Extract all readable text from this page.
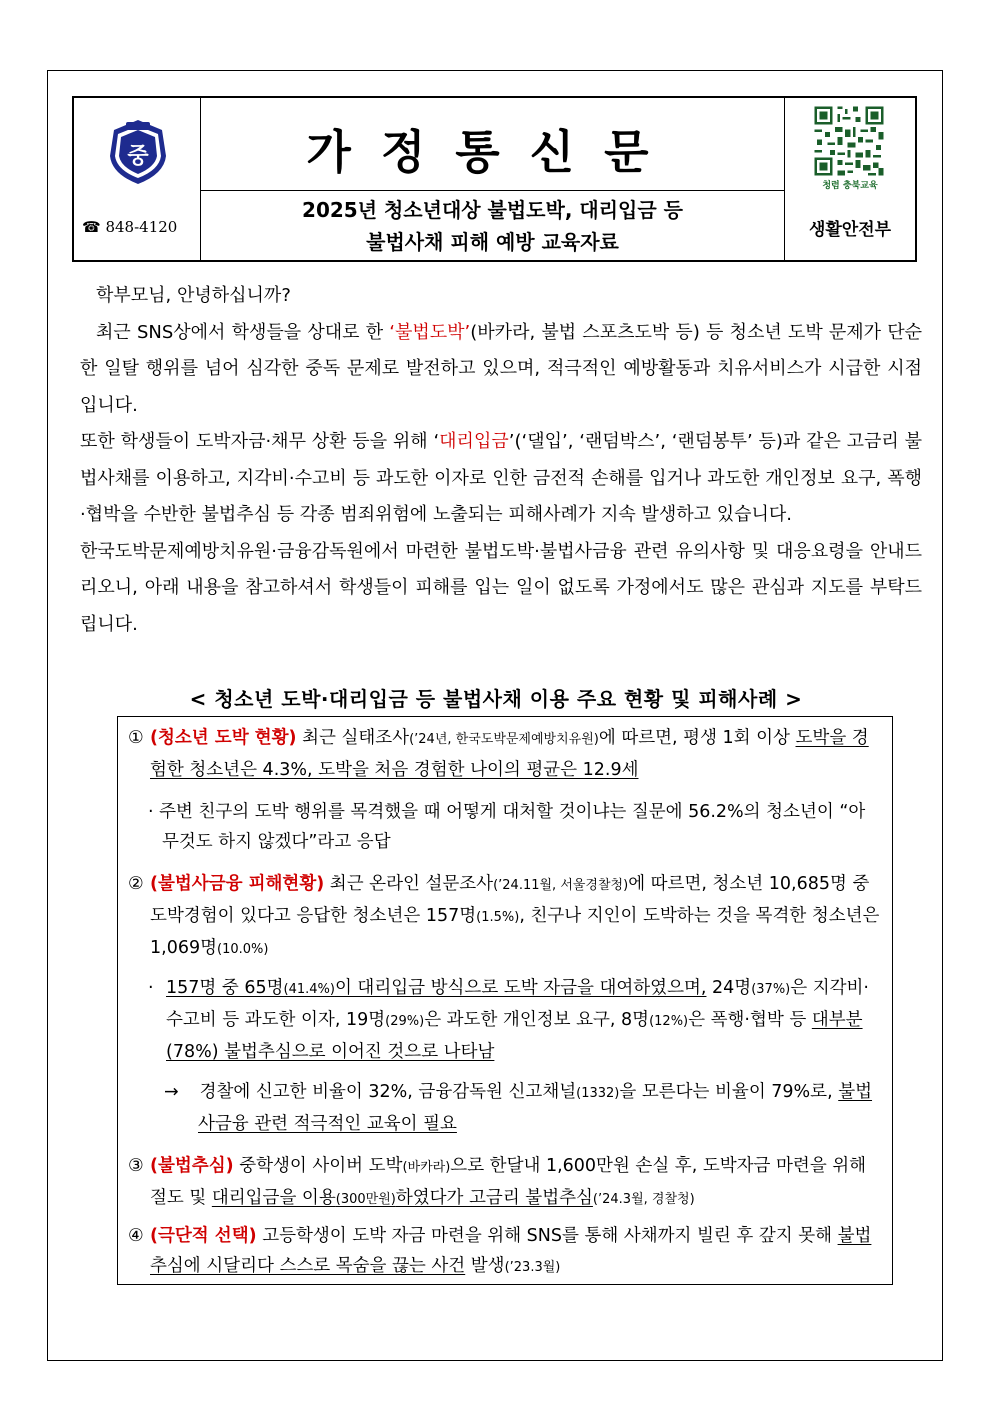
중
☎ 848-4120
가정통신문
2025년 청소년대상 불법도박, 대리입금 등
불법사채 피해 예방 교육자료
청렴 충북교육
생활안전부

학부모님, 안녕하십니까?

최근 SNS상에서 학생들을 상대로 한 ‘불법도박’(바카라, 불법 스포츠도박 등) 등 청소년 도박 문제가 단순한 일탈 행위를 넘어 심각한 중독 문제로 발전하고 있으며, 적극적인 예방활동과 치유서비스가 시급한 시점입니다.

또한 학생들이 도박자금·채무 상환 등을 위해 ‘대리입금’(‘댈입’, ‘랜덤박스’, ‘랜덤봉투’ 등)과 같은 고금리 불법사채를 이용하고, 지각비·수고비 등 과도한 이자로 인한 금전적 손해를 입거나 과도한 개인정보 요구, 폭행·협박을 수반한 불법추심 등 각종 범죄위험에 노출되는 피해사례가 지속 발생하고 있습니다.

한국도박문제예방치유원·금융감독원에서 마련한 불법도박·불법사금융 관련 유의사항 및 대응요령을 안내드리오니, 아래 내용을 참고하셔서 학생들이 피해를 입는 일이 없도록 가정에서도 많은 관심과 지도를 부탁드립니다.

< 청소년 도박·대리입금 등 불법사채 이용 주요 현황 및 피해사례 >
① (청소년 도박 현황) 최근 실태조사(’24년, 한국도박문제예방치유원)에 따르면, 평생 1회 이상 도박을 경험한 청소년은 4.3%, 도박을 처음 경험한 나이의 평균은 12.9세
· 주변 친구의 도박 행위를 목격했을 때 어떻게 대처할 것이냐는 질문에 56.2%의 청소년이 “아무것도 하지 않겠다”라고 응답
② (불법사금융 피해현황) 최근 온라인 설문조사(’24.11월, 서울경찰청)에 따르면, 청소년 10,685명 중 도박경험이 있다고 응답한 청소년은 157명(1.5%), 친구나 지인이 도박하는 것을 목격한 청소년은 1,069명(10.0%)
· 157명 중 65명(41.4%)이 대리입금 방식으로 도박 자금을 대여하였으며, 24명(37%)은 지각비·수고비 등 과도한 이자, 19명(29%)은 과도한 개인정보 요구, 8명(12%)은 폭행·협박 등 대부분(78%) 불법추심으로 이어진 것으로 나타남
→ 경찰에 신고한 비율이 32%, 금융감독원 신고채널(1332)을 모른다는 비율이 79%로, 불법사금융 관련 적극적인 교육이 필요
③ (불법추심) 중학생이 사이버 도박(바카라)으로 한달내 1,600만원 손실 후, 도박자금 마련을 위해 절도 및 대리입금을 이용(300만원)하였다가 고금리 불법추심(’24.3월, 경찰청)
④ (극단적 선택) 고등학생이 도박 자금 마련을 위해 SNS를 통해 사채까지 빌린 후 갚지 못해 불법추심에 시달리다 스스로 목숨을 끊는 사건 발생(’23.3월)
